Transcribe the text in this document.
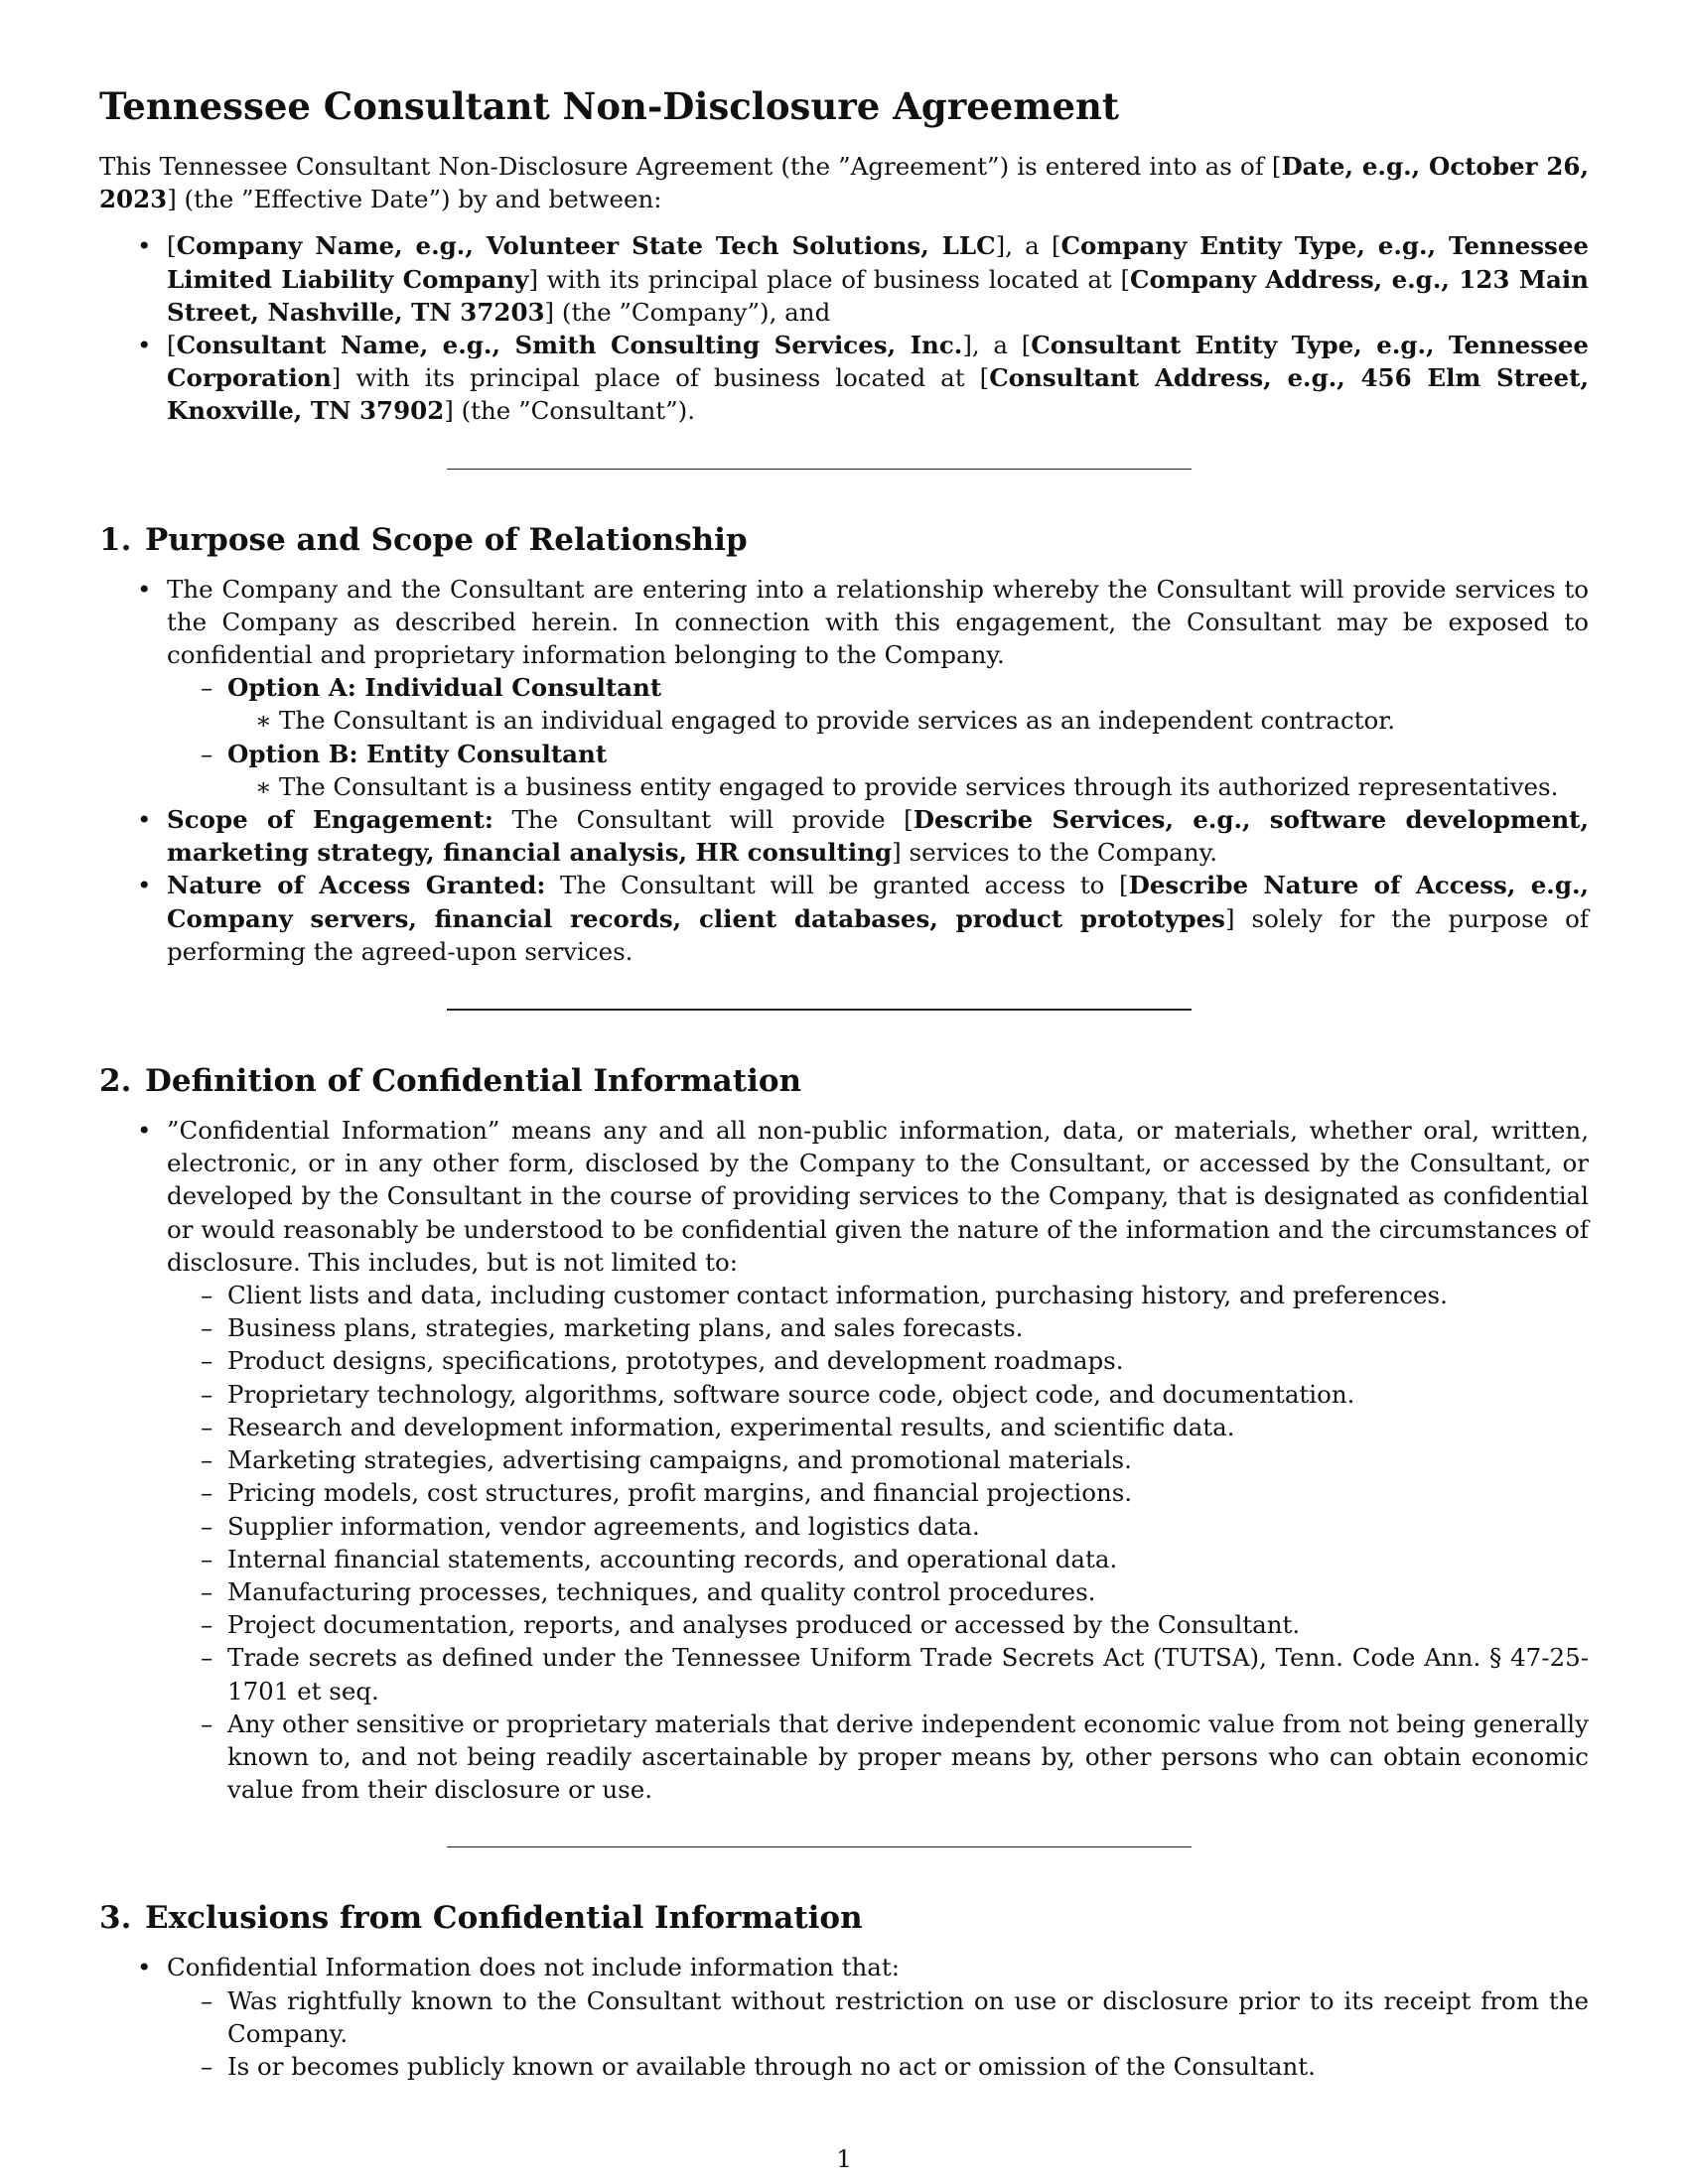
Tennessee Consultant Non-Disclosure Agreement

This Tennessee Consultant Non-Disclosure Agreement (the ”Agreement”) is entered into as of [Date, e.g., October 26, 2023] (the ”Effective Date”) by and between:

• [Company Name, e.g., Volunteer State Tech Solutions, LLC], a [Company Entity Type, e.g., Tennessee Limited Liability Company] with its principal place of business located at [Company Address, e.g., 123 Main Street, Nashville, TN 37203] (the ”Company”), and
• [Consultant Name, e.g., Smith Consulting Services, Inc.], a [Consultant Entity Type, e.g., Tennessee Corporation] with its principal place of business located at [Consultant Address, e.g., 456 Elm Street, Knoxville, TN 37902] (the ”Consultant”).
1. Purpose and Scope of Relationship
• The Company and the Consultant are entering into a relationship whereby the Consultant will provide services to the Company as described herein. In connection with this engagement, the Consultant may be exposed to confidential and proprietary information belonging to the Company.
– Option A: Individual Consultant
∗ The Consultant is an individual engaged to provide services as an independent contractor.
– Option B: Entity Consultant
∗ The Consultant is a business entity engaged to provide services through its authorized representatives.
• Scope of Engagement: The Consultant will provide [Describe Services, e.g., software development, marketing strategy, financial analysis, HR consulting] services to the Company.
• Nature of Access Granted: The Consultant will be granted access to [Describe Nature of Access, e.g., Company servers, financial records, client databases, product prototypes] solely for the purpose of performing the agreed-upon services.
2. Definition of Confidential Information
• ”Confidential Information” means any and all non-public information, data, or materials, whether oral, written, electronic, or in any other form, disclosed by the Company to the Consultant, or accessed by the Consultant, or developed by the Consultant in the course of providing services to the Company, that is designated as confidential or would reasonably be understood to be confidential given the nature of the information and the circumstances of disclosure. This includes, but is not limited to:
– Client lists and data, including customer contact information, purchasing history, and preferences.
– Business plans, strategies, marketing plans, and sales forecasts.
– Product designs, specifications, prototypes, and development roadmaps.
– Proprietary technology, algorithms, software source code, object code, and documentation.
– Research and development information, experimental results, and scientific data.
– Marketing strategies, advertising campaigns, and promotional materials.
– Pricing models, cost structures, profit margins, and financial projections.
– Supplier information, vendor agreements, and logistics data.
– Internal financial statements, accounting records, and operational data.
– Manufacturing processes, techniques, and quality control procedures.
– Project documentation, reports, and analyses produced or accessed by the Consultant.
– Trade secrets as defined under the Tennessee Uniform Trade Secrets Act (TUTSA), Tenn. Code Ann. § 47-25-1701 et seq.
– Any other sensitive or proprietary materials that derive independent economic value from not being generally known to, and not being readily ascertainable by proper means by, other persons who can obtain economic value from their disclosure or use.
3. Exclusions from Confidential Information
• Confidential Information does not include information that:
– Was rightfully known to the Consultant without restriction on use or disclosure prior to its receipt from the Company.
– Is or becomes publicly known or available through no act or omission of the Consultant.
1
